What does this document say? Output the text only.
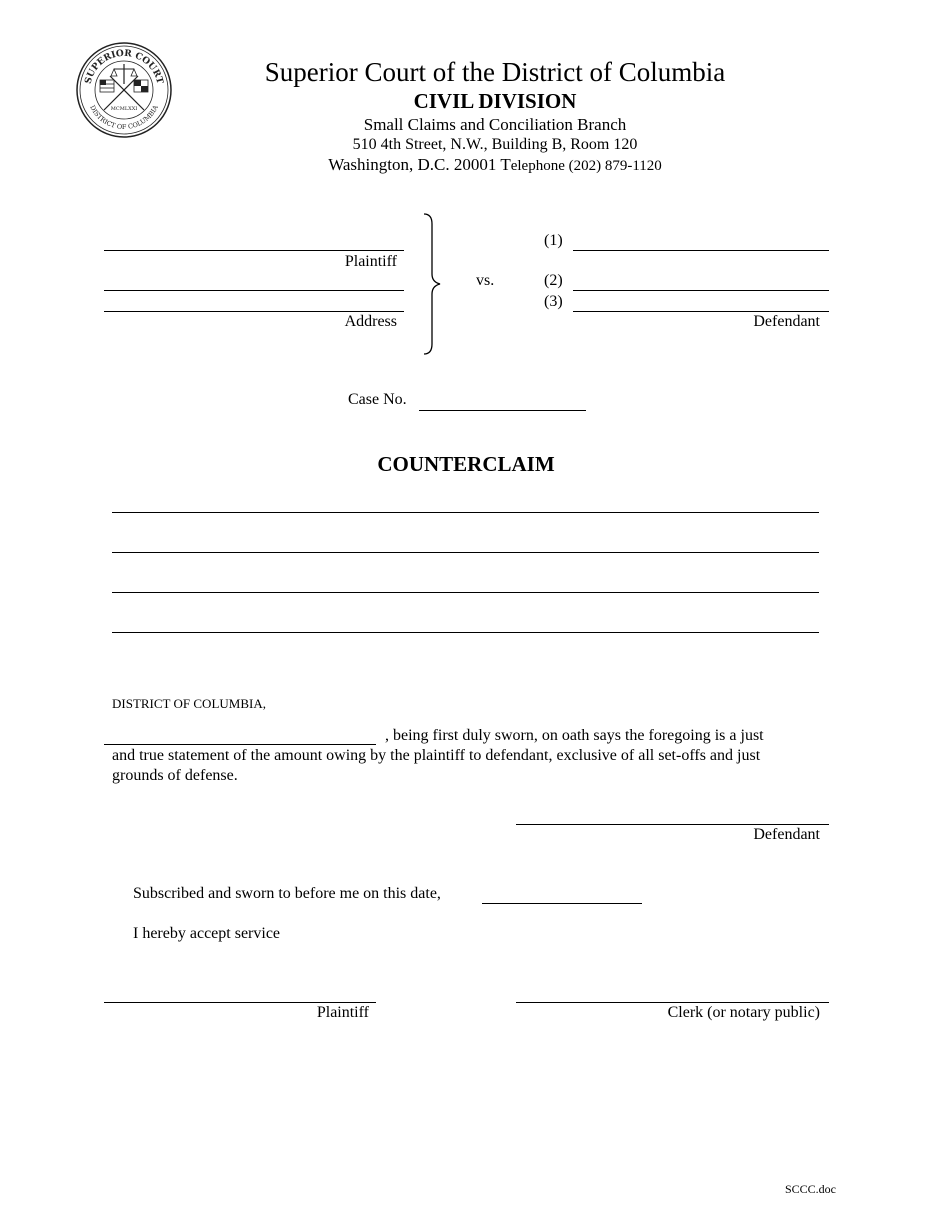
SUPERIOR COURT
DISTRICT OF COLUMBIA
MCMLXXI
Superior Court of the District of Columbia
CIVIL DIVISION
Small Claims and Conciliation Branch
510 4th Street, N.W., Building B, Room 120
Washington, D.C. 20001 Telephone (202) 879-1120
Plaintiff
Address
vs.
(1)
(2)
(3)
Defendant
Case No.
COUNTERCLAIM
DISTRICT OF COLUMBIA,
, being first duly sworn, on oath says the foregoing is a just
and true statement of the amount owing by the plaintiff to defendant, exclusive of all set-offs and just
grounds of defense.
Defendant
Subscribed and sworn to before me on this date,
I hereby accept service
Plaintiff	Clerk (or notary public)
SCCC.doc
